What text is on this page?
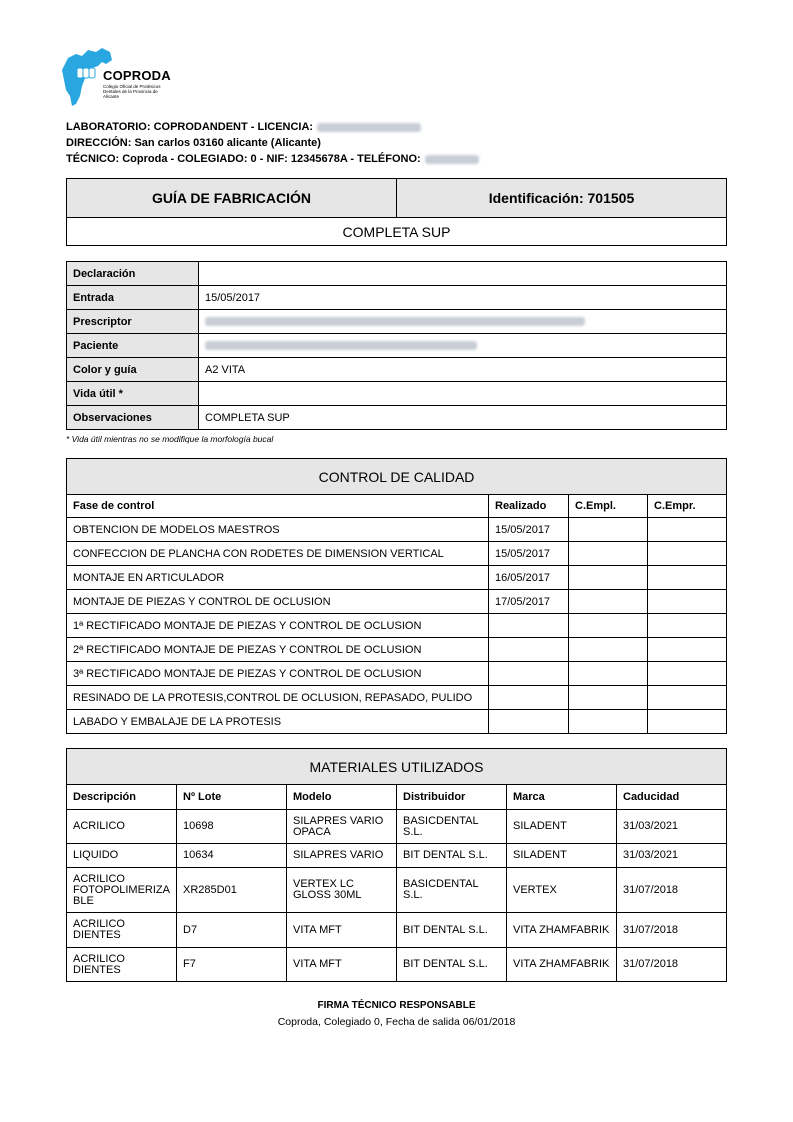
COPRODA
Colegio Oficial de Protésicos Dentales de la Provincia de Alicante
LABORATORIO: COPRODANDENT - LICENCIA:
DIRECCIÓN: San carlos 03160 alicante (Alicante)
TÉCNICO: Coproda - COLEGIADO: 0 - NIF: 12345678A - TELÉFONO:
GUÍA DE FABRICACIÓN	Identificación: 701505
COMPLETA SUP
Declaración	
Entrada	15/05/2017
Prescriptor	
Paciente	
Color y guía	A2 VITA
Vida útil *	
Observaciones	COMPLETA SUP
* Vida útil mientras no se modifique la morfología bucal
CONTROL DE CALIDAD			
Fase de control	Realizado	C.Empl.	C.Empr.
OBTENCION DE MODELOS MAESTROS	15/05/2017		
CONFECCION DE PLANCHA CON RODETES DE DIMENSION VERTICAL	15/05/2017		
MONTAJE EN ARTICULADOR	16/05/2017		
MONTAJE DE PIEZAS Y CONTROL DE OCLUSION	17/05/2017		
1ª RECTIFICADO MONTAJE DE PIEZAS Y CONTROL DE OCLUSION			
2ª RECTIFICADO MONTAJE DE PIEZAS Y CONTROL DE OCLUSION			
3ª RECTIFICADO MONTAJE DE PIEZAS Y CONTROL DE OCLUSION			
RESINADO DE LA PROTESIS,CONTROL DE OCLUSION, REPASADO, PULIDO			
LABADO Y EMBALAJE DE LA PROTESIS			
MATERIALES UTILIZADOS					
Descripción	Nº Lote	Modelo	Distribuidor	Marca	Caducidad
ACRILICO	10698	SILAPRES VARIO OPACA	BASICDENTAL S.L.	SILADENT	31/03/2021
LIQUIDO	10634	SILAPRES VARIO	BIT DENTAL S.L.	SILADENT	31/03/2021
ACRILICO FOTOPOLIMERIZA BLE	XR285D01	VERTEX LC GLOSS 30ML	BASICDENTAL S.L.	VERTEX	31/07/2018
ACRILICO DIENTES	D7	VITA MFT	BIT DENTAL S.L.	VITA ZHAMFABRIK	31/07/2018
ACRILICO DIENTES	F7	VITA MFT	BIT DENTAL S.L.	VITA ZHAMFABRIK	31/07/2018
FIRMA TÉCNICO RESPONSABLE
Coproda, Colegiado 0, Fecha de salida 06/01/2018
